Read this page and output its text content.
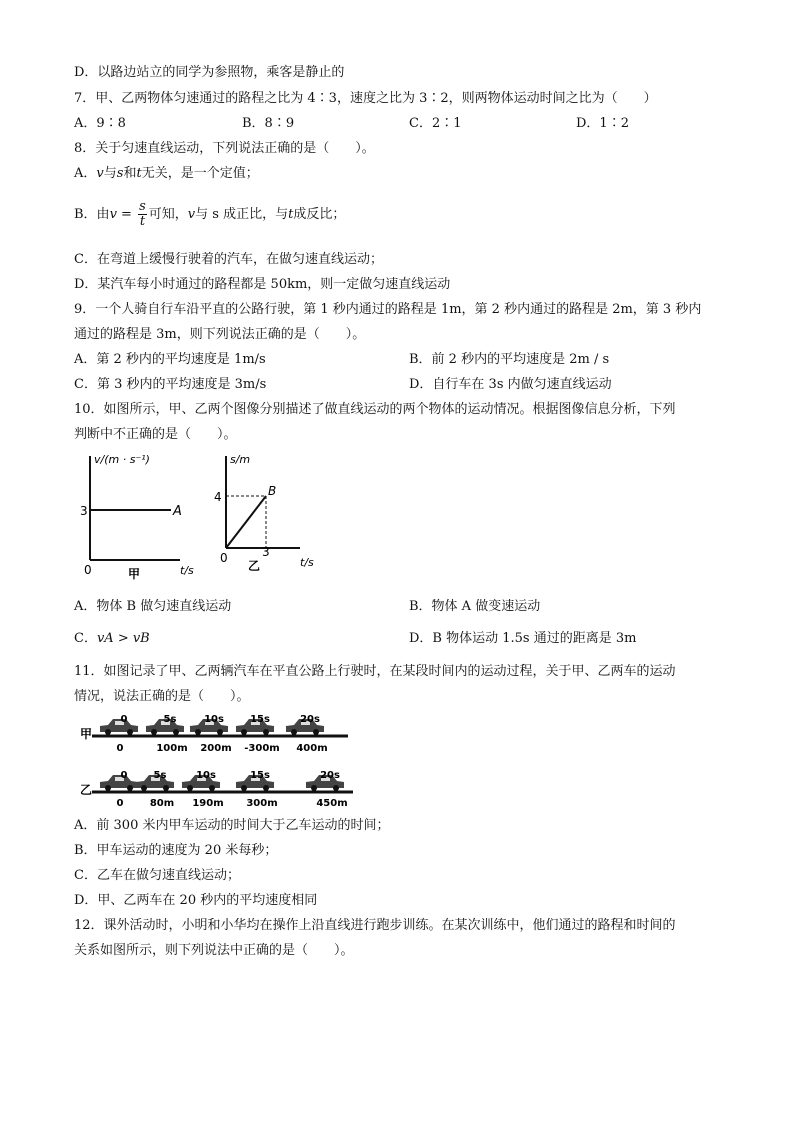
D．以路边站立的同学为参照物，乘客是静止的
7．甲、乙两物体匀速通过的路程之比为 4∶3，速度之比为 3∶2，则两物体运动时间之比为（　　）
A．9∶8	B．8∶9	C．2∶1	D．1∶2
8．关于匀速直线运动，下列说法正确的是（　　）。
A．v与s和t无关，是一个定值；
B．由$v = \frac{s}{t}$ 可知，v与 s 成正比，与t成反比；
C．在弯道上缓慢行驶着的汽车，在做匀速直线运动；
D．某汽车每小时通过的路程都是 50km，则一定做匀速直线运动
9．一个人骑自行车沿平直的公路行驶，第 1 秒内通过的路程是 1m，第 2 秒内通过的路程是 2m，第 3 秒内
通过的路程是 3m，则下列说法正确的是（　　）。
A．第 2 秒内的平均速度是 1m/s	B．前 2 秒内的平均速度是 2m / s
C．第 3 秒内的平均速度是 3m/s	D．自行车在 3s 内做匀速直线运动
10．如图所示，甲、乙两个图像分别描述了做直线运动的两个物体的运动情况。根据图像信息分析，下列
判断中不正确的是（　　）。
v/(m · s⁻¹)
3	A
0	t/s
甲
s/m
4	B
0	3
t/s
乙
A．物体 B 做匀速直线运动	B．物体 A 做变速运动
C．vA > vB	D．B 物体运动 1.5s 通过的距离是 3m
11．如图记录了甲、乙两辆汽车在平直公路上行驶时，在某段时间内的运动过程，关于甲、乙两车的运动
情况，说法正确的是（　　）。
甲
乙
0
0
0
0
5s
5s
100m
80m
10s
10s
200m
190m
15s
15s
-300m
300m
20s
20s
400m
450m
A．前 300 米内甲车运动的时间大于乙车运动的时间；
B．甲车运动的速度为 20 米每秒；
C．乙车在做匀速直线运动；
D．甲、乙两车在 20 秒内的平均速度相同
12．课外活动时，小明和小华均在操作上沿直线进行跑步训练。在某次训练中，他们通过的路程和时间的
关系如图所示，则下列说法中正确的是（　　）。
